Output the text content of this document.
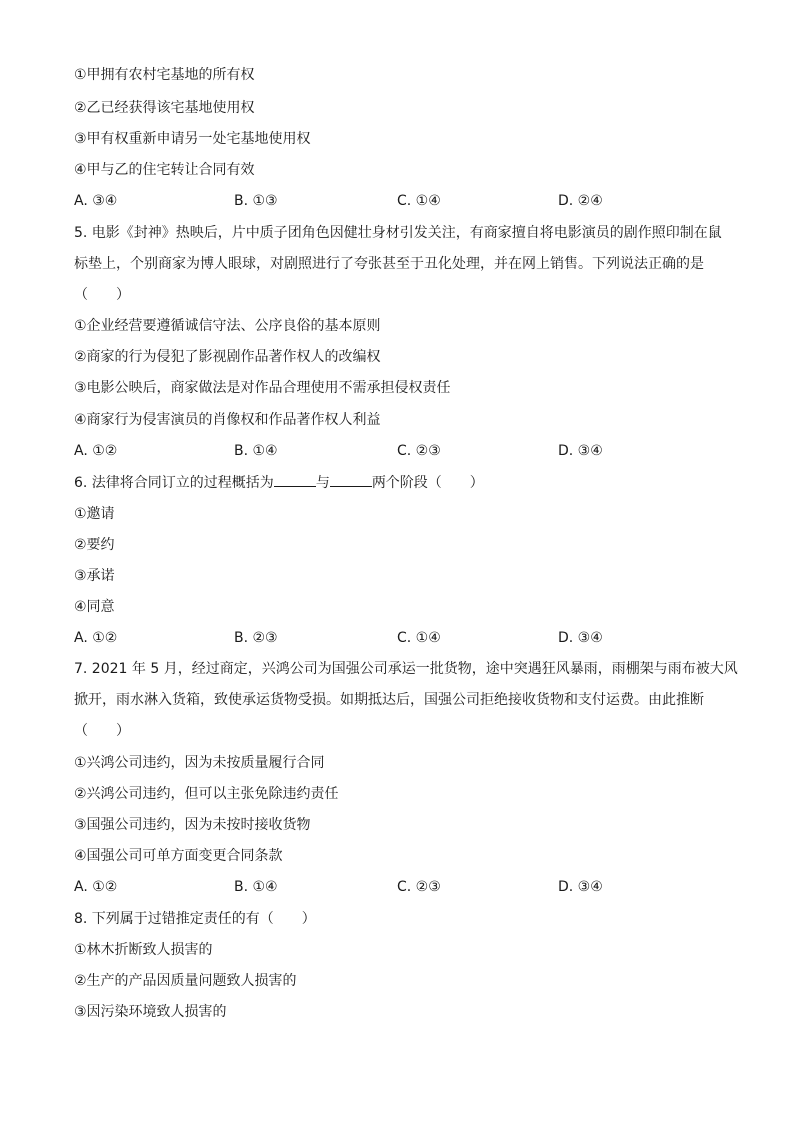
①甲拥有农村宅基地的所有权
②乙已经获得该宅基地使用权
③甲有权重新申请另一处宅基地使用权
④甲与乙的住宅转让合同有效
A. ③④	B. ①③	C. ①④	D. ②④
5. 电影《封神》热映后，片中质子团角色因健壮身材引发关注，有商家擅自将电影演员的剧作照印制在鼠
标垫上，个别商家为博人眼球，对剧照进行了夸张甚至于丑化处理，并在网上销售。下列说法正确的是
（　　）
①企业经营要遵循诚信守法、公序良俗的基本原则
②商家的行为侵犯了影视剧作品著作权人的改编权
③电影公映后，商家做法是对作品合理使用不需承担侵权责任
④商家行为侵害演员的肖像权和作品著作权人利益
A. ①②	B. ①④	C. ②③	D. ③④
6. 法律将合同订立的过程概括为	与	两个阶段（　　）
①邀请
②要约
③承诺
④同意
A. ①②	B. ②③	C. ①④	D. ③④
7. 2021 年 5 月，经过商定，兴鸿公司为国强公司承运一批货物，途中突遇狂风暴雨，雨棚架与雨布被大风
掀开，雨水淋入货箱，致使承运货物受损。如期抵达后，国强公司拒绝接收货物和支付运费。由此推断
（　　）
①兴鸿公司违约，因为未按质量履行合同
②兴鸿公司违约，但可以主张免除违约责任
③国强公司违约，因为未按时接收货物
④国强公司可单方面变更合同条款
A. ①②	B. ①④	C. ②③	D. ③④
8. 下列属于过错推定责任的有（　　）
①林木折断致人损害的
②生产的产品因质量问题致人损害的
③因污染环境致人损害的
